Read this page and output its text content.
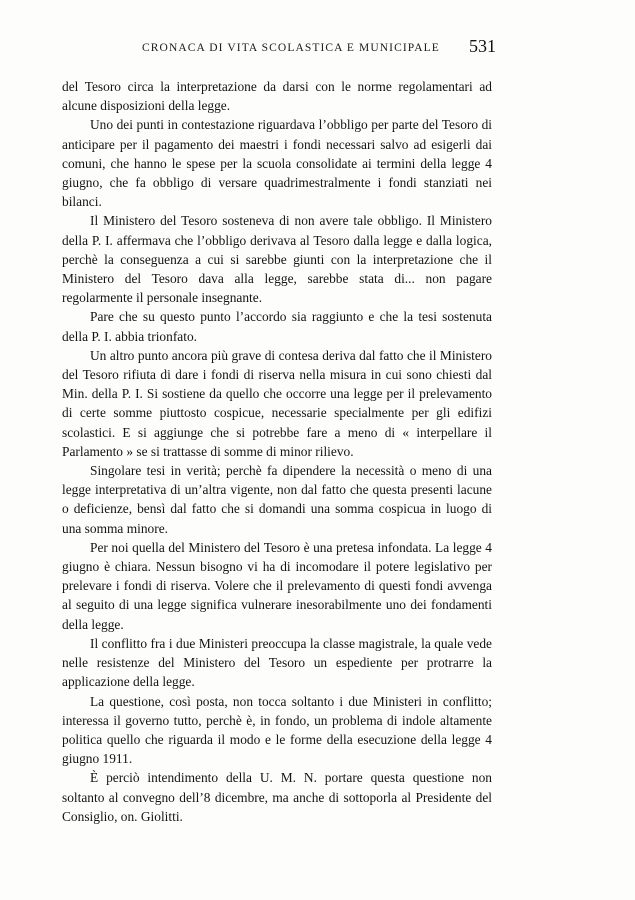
CRONACA DI VITA SCOLASTICA E MUNICIPALE 531

del Tesoro circa la interpretazione da darsi con le norme regolamentari ad alcune disposizioni della legge.

Uno dei punti in contestazione riguardava l’obbligo per parte del Tesoro di anticipare per il pagamento dei maestri i fondi necessari salvo ad esigerli dai comuni, che hanno le spese per la scuola consolidate ai termini della legge 4 giugno, che fa obbligo di versare quadrimestralmente i fondi stanziati nei bilanci.

Il Ministero del Tesoro sosteneva di non avere tale obbligo. Il Ministero della P. I. affermava che l’obbligo derivava al Tesoro dalla legge e dalla logica, perchè la conseguenza a cui si sarebbe giunti con la interpretazione che il Ministero del Tesoro dava alla legge, sarebbe stata di... non pagare regolarmente il personale insegnante.

Pare che su questo punto l’accordo sia raggiunto e che la tesi sostenuta della P. I. abbia trionfato.

Un altro punto ancora più grave di contesa deriva dal fatto che il Ministero del Tesoro rifiuta di dare i fondi di riserva nella misura in cui sono chiesti dal Min. della P. I. Si sostiene da quello che occorre una legge per il prelevamento di certe somme piuttosto cospicue, necessarie specialmente per gli edifizi scolastici. E si aggiunge che si potrebbe fare a meno di « interpellare il Parlamento » se si trattasse di somme di minor rilievo.

Singolare tesi in verità; perchè fa dipendere la necessità o meno di una legge interpretativa di un’altra vigente, non dal fatto che questa presenti lacune o deficienze, bensì dal fatto che si domandi una somma cospicua in luogo di una somma minore.

Per noi quella del Ministero del Tesoro è una pretesa infondata. La legge 4 giugno è chiara. Nessun bisogno vi ha di incomodare il potere legislativo per prelevare i fondi di riserva. Volere che il prelevamento di questi fondi avvenga al seguito di una legge significa vulnerare inesorabilmente uno dei fondamenti della legge.

Il conflitto fra i due Ministeri preoccupa la classe magistrale, la quale vede nelle resistenze del Ministero del Tesoro un espediente per protrarre la applicazione della legge.

La questione, così posta, non tocca soltanto i due Ministeri in conflitto; interessa il governo tutto, perchè è, in fondo, un problema di indole altamente politica quello che riguarda il modo e le forme della esecuzione della legge 4 giugno 1911.

È perciò intendimento della U. M. N. portare questa questione non soltanto al convegno dell’8 dicembre, ma anche di sottoporla al Presidente del Consiglio, on. Giolitti.
